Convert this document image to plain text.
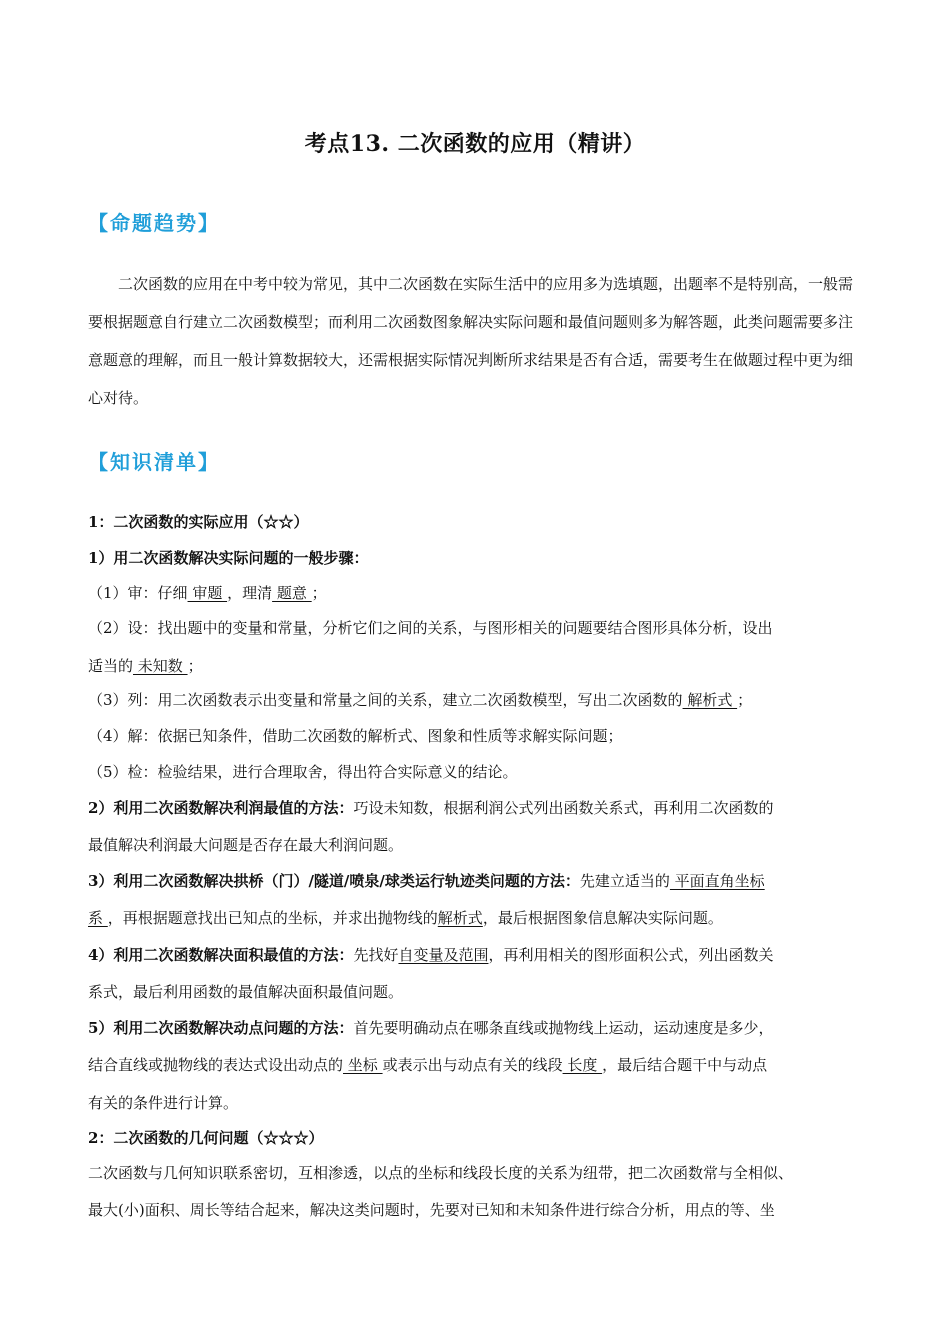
考点13. 二次函数的应用（精讲）
【命题趋势】
二次函数的应用在中考中较为常见，其中二次函数在实际生活中的应用多为选填题，出题率不是特别高，一般需要根据题意自行建立二次函数模型；而利用二次函数图象解决实际问题和最值问题则多为解答题，此类问题需要多注意题意的理解，而且一般计算数据较大，还需根据实际情况判断所求结果是否有合适，需要考生在做题过程中更为细心对待。
【知识清单】
1：二次函数的实际应用（☆☆）
1）用二次函数解决实际问题的一般步骤：
（1）审：仔细 审题 ，理清 题意 ；
（2）设：找出题中的变量和常量，分析它们之间的关系，与图形相关的问题要结合图形具体分析，设出
适当的 未知数 ；
（3）列：用二次函数表示出变量和常量之间的关系，建立二次函数模型，写出二次函数的 解析式 ；
（4）解：依据已知条件，借助二次函数的解析式、图象和性质等求解实际问题；
（5）检：检验结果，进行合理取舍，得出符合实际意义的结论。
2）利用二次函数解决利润最值的方法：巧设未知数，根据利润公式列出函数关系式，再利用二次函数的
最值解决利润最大问题是否存在最大利润问题。
3）利用二次函数解决拱桥（门）/隧道/喷泉/球类运行轨迹类问题的方法：先建立适当的 平面直角坐标
系 ，再根据题意找出已知点的坐标，并求出抛物线的解析式，最后根据图象信息解决实际问题。
4）利用二次函数解决面积最值的方法：先找好自变量及范围，再利用相关的图形面积公式，列出函数关
系式，最后利用函数的最值解决面积最值问题。
5）利用二次函数解决动点问题的方法：首先要明确动点在哪条直线或抛物线上运动，运动速度是多少，
结合直线或抛物线的表达式设出动点的 坐标 或表示出与动点有关的线段 长度 ，最后结合题干中与动点
有关的条件进行计算。
2：二次函数的几何问题（☆☆☆）
二次函数与几何知识联系密切，互相渗透，以点的坐标和线段长度的关系为纽带，把二次函数常与全相似、
最大(小)面积、周长等结合起来，解决这类问题时，先要对已知和未知条件进行综合分析，用点的等、坐
